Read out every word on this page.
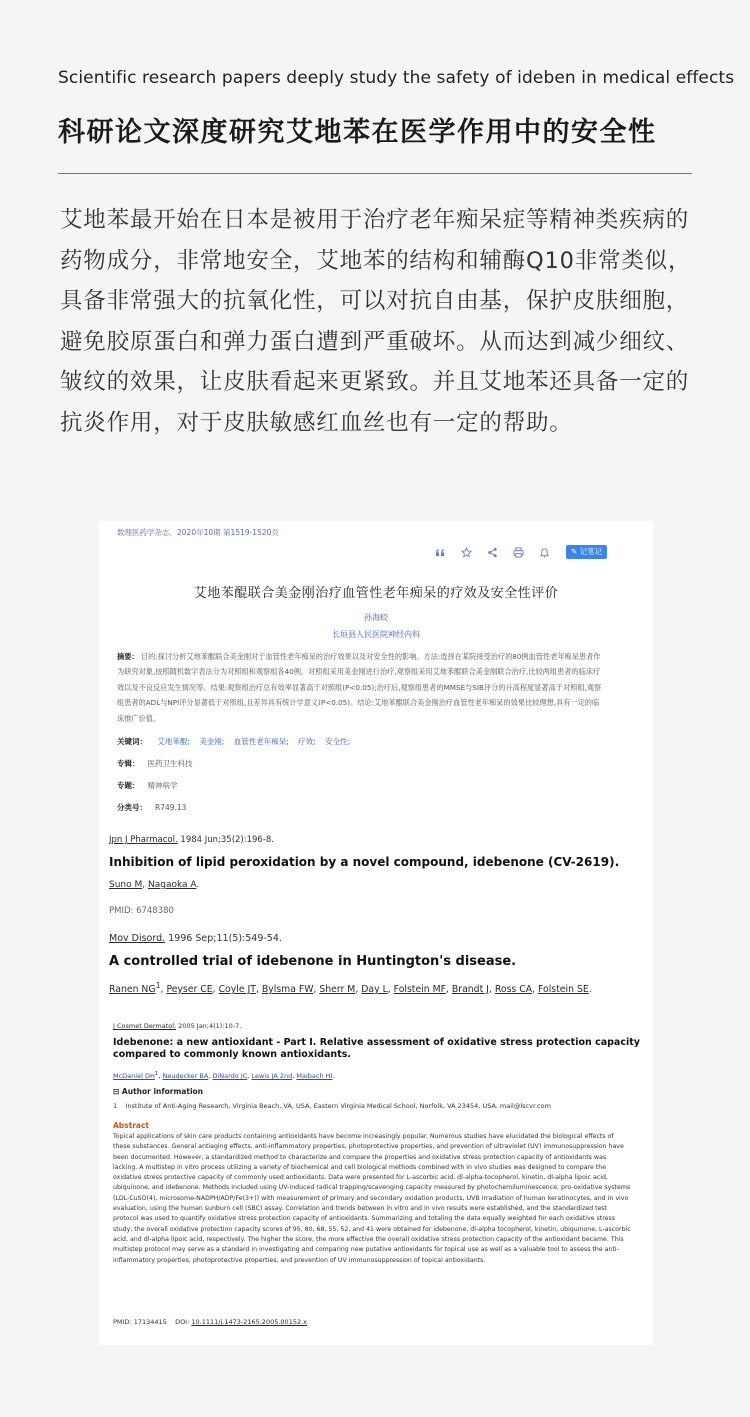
Scientific research papers deeply study the safety of ideben in medical effects
科研论文深度研究艾地苯在医学作用中的安全性

艾地苯最开始在日本是被用于治疗老年痴呆症等精神类疾病的药物成分，非常地安全，艾地苯的结构和辅酶Q10非常类似，具备非常强大的抗氧化性，可以对抗自由基，保护皮肤细胞，避免胶原蛋白和弹力蛋白遭到严重破坏。从而达到减少细纹、皱纹的效果，让皮肤看起来更紧致。并且艾地苯还具备一定的抗炎作用，对于皮肤敏感红血丝也有一定的帮助。

数理医药学杂志．2020年10期 第1519-1520页
✎ 记笔记
艾地苯醌联合美金刚治疗血管性老年痴呆的疗效及安全性评价
孙海蛟
长垣县人民医院神经内科
摘要： 目的:探讨分析艾地苯醌联合美金刚对于血管性老年痴呆的治疗效果以及对安全性的影响。方法:选择在某院接受治疗的80例血管性老年痴呆患者作为研究对象,按照随机数字表法分为对照组和观察组各40例。对照组采用美金刚进行治疗,观察组采用艾地苯醌联合美金刚联合治疗,比较两组患者的临床疗效以及不良反应发生情况等。结果:观察组治疗总有效率显著高于对照组(P<0.05);治疗后,观察组患者的MMSE与SIB评分的升高程度显著高于对照组,观察组患者的ADL与NPI评分显著低于对照组,且差异具有统计学意义(P<0.05)。结论:艾地苯醌联合美金刚治疗血管性老年痴呆的效果比较理想,具有一定的临床推广价值。
关键词： 艾地苯醌; 美金刚; 血管性老年痴呆; 疗效; 安全性;
专辑： 医药卫生科技
专题： 精神病学
分类号： R749.13
Jpn J Pharmacol. 1984 Jun;35(2):196-8.
Inhibition of lipid peroxidation by a novel compound, idebenone (CV-2619).
Suno M, Nagaoka A.
PMID: 6748380
Mov Disord. 1996 Sep;11(5):549-54.
A controlled trial of idebenone in Huntington's disease.
Ranen $NG^1$, Peyser CE, Coyle JT, Bylsma FW, Sherr M, Day L, Folstein MF, Brandt J, Ross CA, Folstein SE.
J Cosmet Dermatol. 2005 Jan;4(1):10-7.
Idebenone: a new antioxidant - Part I. Relative assessment of oxidative stress protection capacity compared to commonly known antioxidants.
McDaniel $DH^1$, Neudecker BA, DiNardo JC, Lewis JA 2nd, Maibach HI.
⊟ Author information
1 Institute of Anti-Aging Research, Virginia Beach, VA, USA, Eastern Virginia Medical School, Norfolk, VA 23454, USA. mail@lscvr.com
Abstract
Topical applications of skin care products containing antioxidants have become increasingly popular. Numerous studies have elucidated the biological effects of these substances. General antiaging effects, anti-inflammatory properties, photoprotective properties, and prevention of ultraviolet (UV) immunosuppression have been documented. However, a standardized method to characterize and compare the properties and oxidative stress protection capacity of antioxidants was lacking. A multistep in vitro process utilizing a variety of biochemical and cell biological methods combined with in vivo studies was designed to compare the oxidative stress protective capacity of commonly used antioxidants. Data were presented for L-ascorbic acid, dl-alpha-tocopherol, kinetin, dl-alpha lipoic acid, ubiquinone, and idebenone. Methods included using UV-induced radical trapping/scavenging capacity measured by photochemiluminescence, pro-oxidative systems (LDL-CuSO(4), microsome-NADPH/ADP/Fe(3+)) with measurement of primary and secondary oxidation products, UVB irradiation of human keratinocytes, and in vivo evaluation, using the human sunburn cell (SBC) assay. Correlation and trends between in vitro and in vivo results were established, and the standardized test protocol was used to quantify oxidative stress protection capacity of antioxidants. Summarizing and totaling the data equally weighted for each oxidative stress study, the overall oxidative protection capacity scores of 95, 80, 68, 55, 52, and 41 were obtained for idebenone, dl-alpha tocopherol, kinetin, ubiquinone, L-ascorbic acid, and dl-alpha lipoic acid, respectively. The higher the score, the more effective the overall oxidative stress protection capacity of the antioxidant became. This multistep protocol may serve as a standard in investigating and comparing new putative antioxidants for topical use as well as a valuable tool to assess the anti-inflammatory properties, photoprotective properties, and prevention of UV immunosuppression of topical antioxidants.
PMID: 17134415 DOI: 10.1111/j.1473-2165.2005.00152.x
